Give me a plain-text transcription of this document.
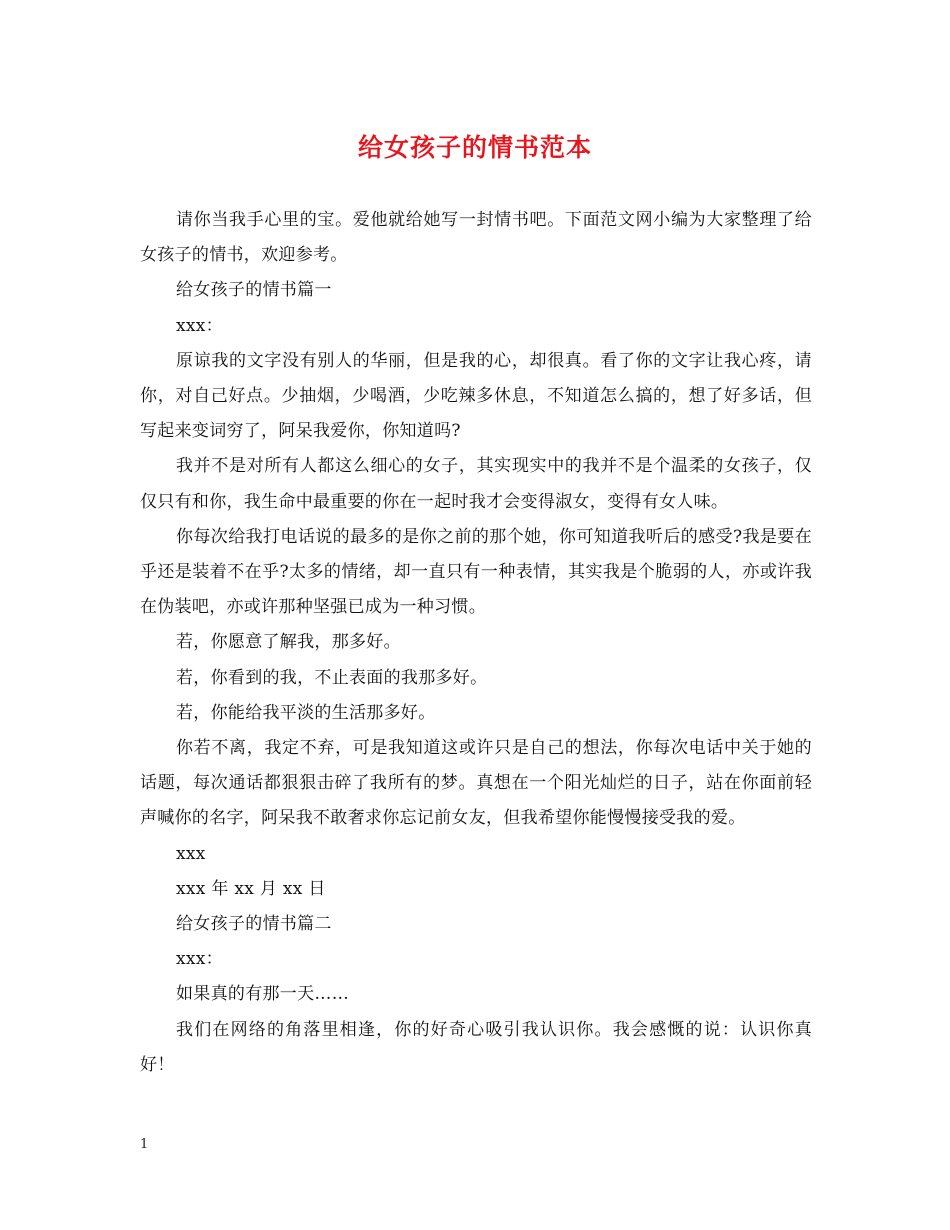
给女孩子的情书范本

请你当我手心里的宝。爱他就给她写一封情书吧。下面范文网小编为大家整理了给女孩子的情书，欢迎参考。

给女孩子的情书篇一

xxx：

原谅我的文字没有别人的华丽，但是我的心，却很真。看了你的文字让我心疼，请你，对自己好点。少抽烟，少喝酒，少吃辣多休息，不知道怎么搞的，想了好多话，但写起来变词穷了，阿呆我爱你，你知道吗?

我并不是对所有人都这么细心的女子，其实现实中的我并不是个温柔的女孩子，仅仅只有和你，我生命中最重要的你在一起时我才会变得淑女，变得有女人味。

你每次给我打电话说的最多的是你之前的那个她，你可知道我听后的感受?我是要在乎还是装着不在乎?太多的情绪，却一直只有一种表情，其实我是个脆弱的人，亦或许我在伪装吧，亦或许那种坚强已成为一种习惯。

若，你愿意了解我，那多好。

若，你看到的我，不止表面的我那多好。

若，你能给我平淡的生活那多好。

你若不离，我定不弃，可是我知道这或许只是自己的想法，你每次电话中关于她的话题，每次通话都狠狠击碎了我所有的梦。真想在一个阳光灿烂的日子，站在你面前轻声喊你的名字，阿呆我不敢奢求你忘记前女友，但我希望你能慢慢接受我的爱。

xxx

xxx 年 xx 月 xx 日

给女孩子的情书篇二

xxx：

如果真的有那一天……

我们在网络的角落里相逢，你的好奇心吸引我认识你。我会感慨的说：认识你真好！

1
